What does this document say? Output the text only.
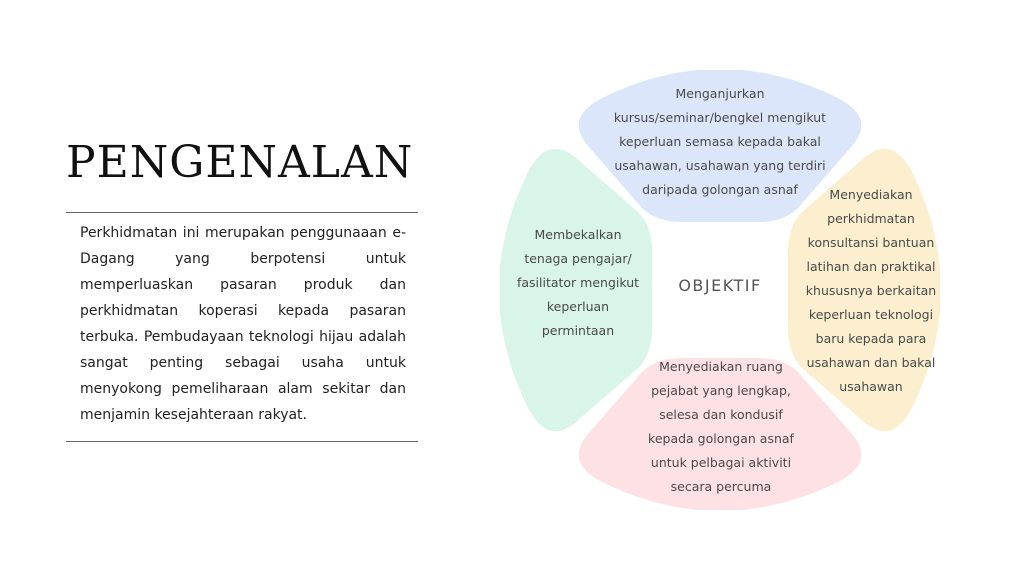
PENGENALAN

Perkhidmatan ini merupakan penggunaaan e-Dagang yang berpotensi untuk memperluaskan pasaran produk dan perkhidmatan koperasi kepada pasaran terbuka. Pembudayaan teknologi hijau adalah sangat penting sebagai usaha untuk menyokong pemeliharaan alam sekitar dan menjamin kesejahteraan rakyat.

Menganjurkan kursus/seminar/bengkel mengikut keperluan semasa kepada bakal usahawan, usahawan yang terdiri daripada golongan asnaf	Menyediakan perkhidmatan konsultansi bantuan latihan dan praktikal khususnya berkaitan keperluan teknologi baru kepada para usahawan dan bakal usahawan

Menyediakan ruang pejabat yang lengkap, selesa dan kondusif kepada golongan asnaf untuk pelbagai aktiviti secara percuma

Membekalkan tenaga pengajar/ fasilitator mengikut keperluan permintaan

OBJEKTIF
